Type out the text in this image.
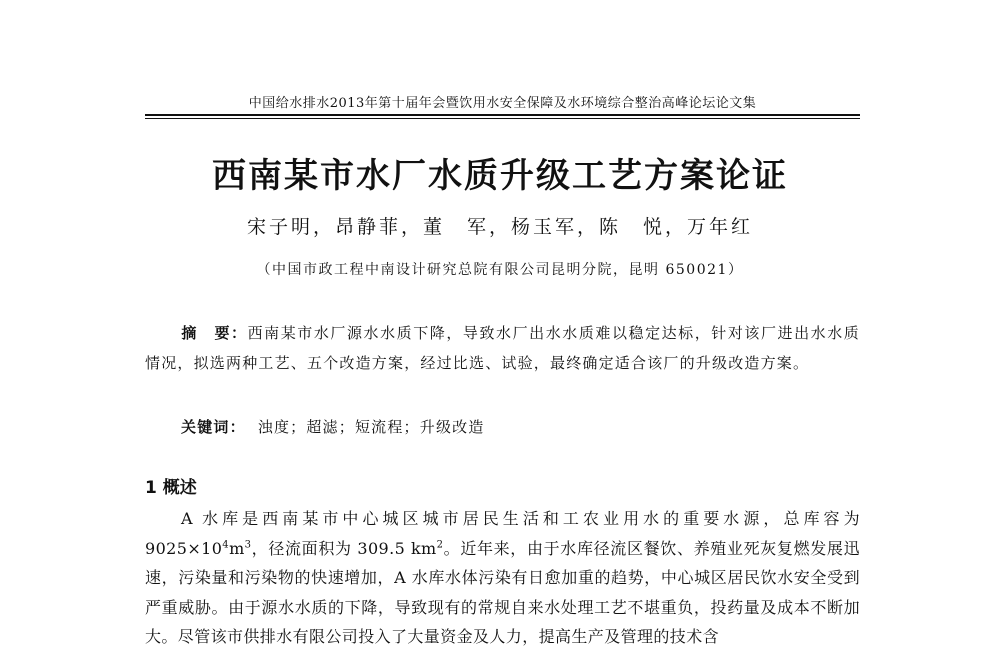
中国给水排水2013年第十届年会暨饮用水安全保障及水环境综合整治高峰论坛论文集
西南某市水厂水质升级工艺方案论证
宋子明，昂静菲，董　军，杨玉军，陈　悦，万年红
（中国市政工程中南设计研究总院有限公司昆明分院，昆明 650021）
摘　要：西南某市水厂源水水质下降，导致水厂出水水质难以稳定达标，针对该厂进出水水质情况，拟选两种工艺、五个改造方案，经过比选、试验，最终确定适合该厂的升级改造方案。
关键词： 浊度；超滤；短流程；升级改造
1 概述
A 水库是西南某市中心城区城市居民生活和工农业用水的重要水源，总库容为 $9025\times 10^4m^3$，径流面积为 309.5 $km^2$。近年来，由于水库径流区餐饮、养殖业死灰复燃发展迅速，污染量和污染物的快速增加，A 水库水体污染有日愈加重的趋势，中心城区居民饮水安全受到严重威胁。由于源水水质的下降，导致现有的常规自来水处理工艺不堪重负，投药量及成本不断加大。尽管该市供排水有限公司投入了大量资金及人力，提高生产及管理的技术含
